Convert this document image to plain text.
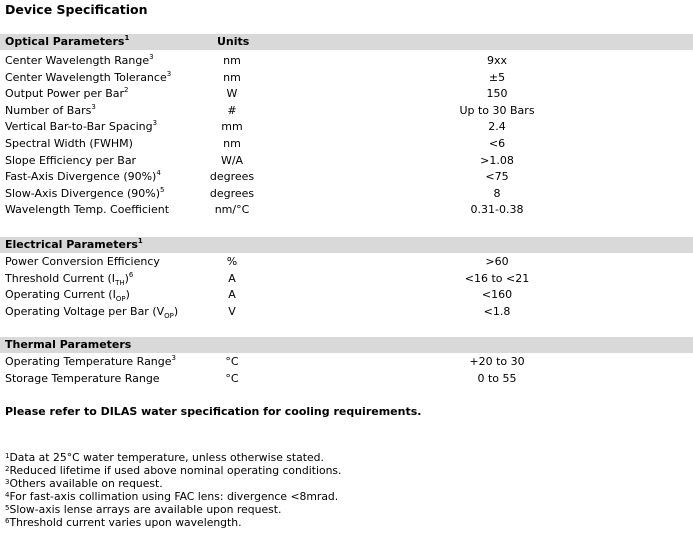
Device Specification
Optical Parameters$^1$	Units
Center Wavelength Range$^3$	nm	9xx
Center Wavelength Tolerance$^3$	nm	±5
Output Power per Bar$^2$	W	150
Number of Bars$^3$	#	Up to 30 Bars
Vertical Bar-to-Bar Spacing$^3$	mm	2.4
Spectral Width (FWHM)	nm	<6
Slope Efficiency per Bar	W/A	>1.08
Fast-Axis Divergence $(90\%)^4$	degrees	<75
Slow-Axis Divergence $(90\%)^5$	degrees	8
Wavelength Temp. Coefficient	nm/°C	0.31-0.38
Electrical Parameters$^1$
Power Conversion Efficiency	%	>60
Threshold Current $(I_{TH})^6$	A	<16 to <21
Operating Current $(I_{OP})$	A	<160
Operating Voltage per Bar $(V_{OP})$	V	<1.8
Thermal Parameters
Operating Temperature Range$^3$	°C	+20 to 30
Storage Temperature Range	°C	0 to 55
Please refer to DILAS water specification for cooling requirements.
$^1$Data at 25°C water temperature, unless otherwise stated.
$^2$Reduced lifetime if used above nominal operating conditions.
$^3$Others available on request.
$^4$For fast-axis collimation using FAC lens: divergence <8mrad.
$^5$Slow-axis lense arrays are available upon request.
$^6$Threshold current varies upon wavelength.
